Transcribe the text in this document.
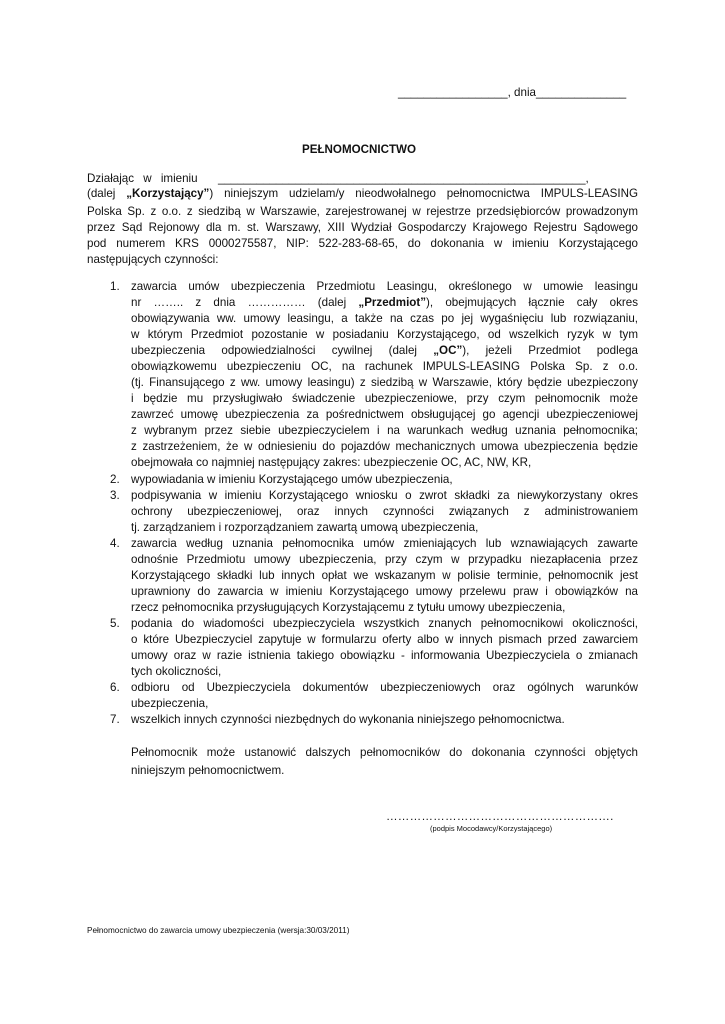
_________________, dnia______________
PEŁNOMOCNICTWO
Działając w imieniu	_________________________________________________________,
(dalej „Korzystający”) niniejszym udzielam/y nieodwołalnego pełnomocnictwa IMPULS-LEASING
Polska Sp. z o.o. z siedzibą w Warszawie, zarejestrowanej w rejestrze przedsiębiorców prowadzonym
przez Sąd Rejonowy dla m. st. Warszawy, XIII Wydział Gospodarczy Krajowego Rejestru Sądowego
pod numerem KRS 0000275587, NIP: 522-283-68-65, do dokonania w imieniu Korzystającego
następujących czynności:
1. zawarcia umów ubezpieczenia Przedmiotu Leasingu, określonego w umowie leasingu
nr …….. z dnia …………… (dalej „Przedmiot”), obejmujących łącznie cały okres
obowiązywania ww. umowy leasingu, a także na czas po jej wygaśnięciu lub rozwiązaniu,
w którym Przedmiot pozostanie w posiadaniu Korzystającego, od wszelkich ryzyk w tym
ubezpieczenia odpowiedzialności cywilnej (dalej „OC”), jeżeli Przedmiot podlega
obowiązkowemu ubezpieczeniu OC, na rachunek IMPULS-LEASING Polska Sp. z o.o.
(tj. Finansującego z ww. umowy leasingu) z siedzibą w Warszawie, który będzie ubezpieczony
i będzie mu przysługiwało świadczenie ubezpieczeniowe, przy czym pełnomocnik może
zawrzeć umowę ubezpieczenia za pośrednictwem obsługującej go agencji ubezpieczeniowej
z wybranym przez siebie ubezpieczycielem i na warunkach według uznania pełnomocnika;
z zastrzeżeniem, że w odniesieniu do pojazdów mechanicznych umowa ubezpieczenia będzie
obejmowała co najmniej następujący zakres: ubezpieczenie OC, AC, NW, KR,
2. wypowiadania w imieniu Korzystającego umów ubezpieczenia,
3. podpisywania w imieniu Korzystającego wniosku o zwrot składki za niewykorzystany okres
ochrony ubezpieczeniowej, oraz innych czynności związanych z administrowaniem
tj. zarządzaniem i rozporządzaniem zawartą umową ubezpieczenia,
4. zawarcia według uznania pełnomocnika umów zmieniających lub wznawiających zawarte
odnośnie Przedmiotu umowy ubezpieczenia, przy czym w przypadku niezapłacenia przez
Korzystającego składki lub innych opłat we wskazanym w polisie terminie, pełnomocnik jest
uprawniony do zawarcia w imieniu Korzystającego umowy przelewu praw i obowiązków na
rzecz pełnomocnika przysługujących Korzystającemu z tytułu umowy ubezpieczenia,
5. podania do wiadomości ubezpieczyciela wszystkich znanych pełnomocnikowi okoliczności,
o które Ubezpieczyciel zapytuje w formularzu oferty albo w innych pismach przed zawarciem
umowy oraz w razie istnienia takiego obowiązku - informowania Ubezpieczyciela o zmianach
tych okoliczności,
6. odbioru od Ubezpieczyciela dokumentów ubezpieczeniowych oraz ogólnych warunków
ubezpieczenia,
7. wszelkich innych czynności niezbędnych do wykonania niniejszego pełnomocnictwa.
Pełnomocnik może ustanowić dalszych pełnomocników do dokonania czynności objętych
niniejszym pełnomocnictwem.
………………………………………………….
(podpis Mocodawcy/Korzystającego)
Pełnomocnictwo do zawarcia umowy ubezpieczenia (wersja:30/03/2011)
